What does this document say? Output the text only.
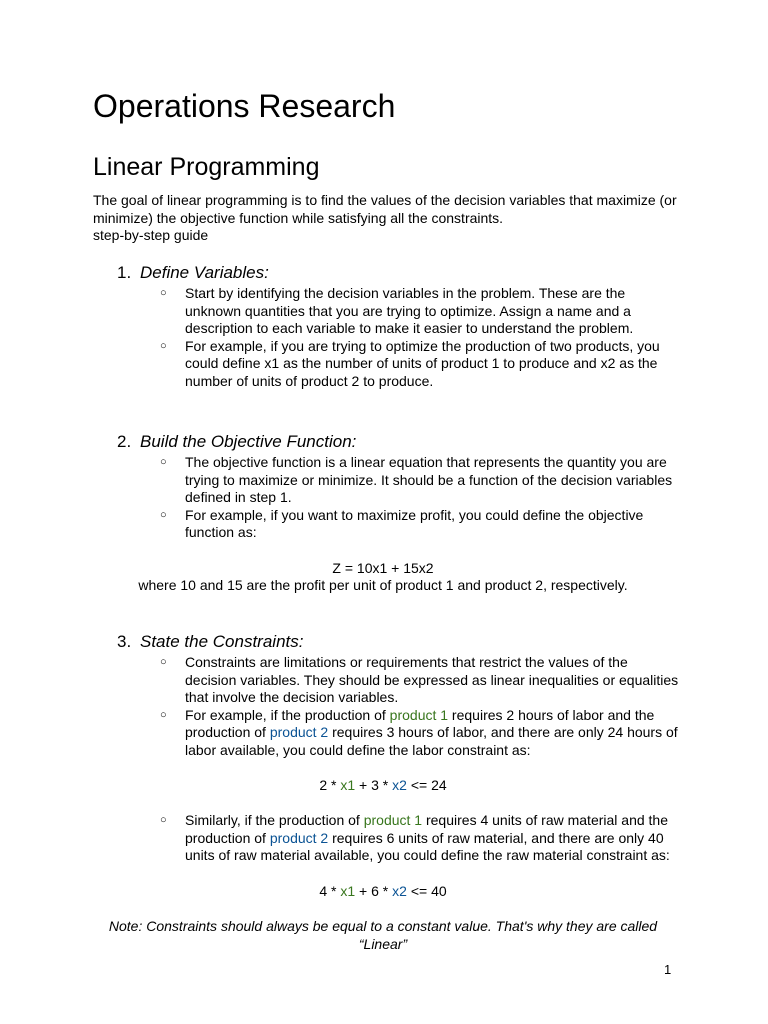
Operations Research
Linear Programming
The goal of linear programming is to find the values of the decision variables that maximize (or minimize) the objective function while satisfying all the constraints.
step-by-step guide
1. Define Variables:
○ Start by identifying the decision variables in the problem. These are the unknown quantities that you are trying to optimize. Assign a name and a description to each variable to make it easier to understand the problem.
○ For example, if you are trying to optimize the production of two products, you could define x1 as the number of units of product 1 to produce and x2 as the number of units of product 2 to produce.
2. Build the Objective Function:
○ The objective function is a linear equation that represents the quantity you are trying to maximize or minimize. It should be a function of the decision variables defined in step 1.
○ For example, if you want to maximize profit, you could define the objective function as:
Z = 10x1 + 15x2
where 10 and 15 are the profit per unit of product 1 and product 2, respectively.
3. State the Constraints:
○ Constraints are limitations or requirements that restrict the values of the decision variables. They should be expressed as linear inequalities or equalities that involve the decision variables.
○ For example, if the production of product 1 requires 2 hours of labor and the production of product 2 requires 3 hours of labor, and there are only 24 hours of labor available, you could define the labor constraint as:
2 * x1 + 3 * x2 <= 24
○ Similarly, if the production of product 1 requires 4 units of raw material and the production of product 2 requires 6 units of raw material, and there are only 40 units of raw material available, you could define the raw material constraint as:
4 * x1 + 6 * x2 <= 40
Note: Constraints should always be equal to a constant value. That's why they are called “Linear”
1
